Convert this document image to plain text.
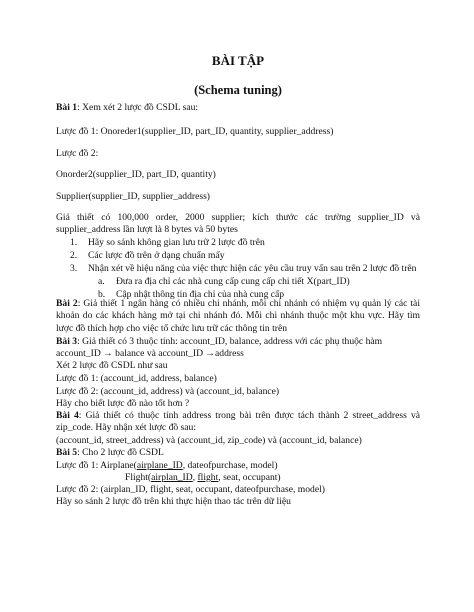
BÀI TẬP
(Schema tuning)
Bài 1: Xem xét 2 lược đồ CSDL sau:
Lược đồ 1: Onoreder1(supplier_ID, part_ID, quantity, supplier_address)
Lược đồ 2:
Onorder2(supplier_ID, part_ID, quantity)
Supplier(supplier_ID, supplier_address)
Giả thiết có 100,000 order, 2000 supplier; kích thước các trường supplier_ID và supplier_address lần lượt là 8 bytes và 50 bytes
1. Hãy so sánh không gian lưu trữ 2 lược đồ trên
2. Các lược đồ trên ở dạng chuẩn mấy
3. Nhận xét về hiệu năng của việc thực hiện các yêu cầu truy vấn sau trên 2 lược đồ trên
a. Đưa ra địa chỉ các nhà cung cấp cung cấp chi tiết X(part_ID)
b. Cập nhật thông tin địa chỉ của nhà cung cấp
Bài 2: Giả thiết 1 ngân hàng có nhiều chi nhánh, mỗi chi nhánh có nhiệm vụ quản lý các tài khoản do các khách hàng mở tại chi nhánh đó. Mỗi chi nhánh thuộc một khu vực. Hãy tìm lược đồ thích hợp cho việc tổ chức lưu trữ các thông tin trên
Bài 3: Giả thiết có 3 thuộc tính: account_ID, balance, address với các phụ thuộc hàm
account_ID → balance và account_ID →address
Xét 2 lược đồ CSDL như sau
Lược đồ 1: (account_id, address, balance)
Lược đồ 2: (account_id, address) và (account_id, balance)
Hãy cho biết lược đồ nào tốt hơn ?
Bài 4: Giả thiết có thuộc tính address trong bài trên được tách thành 2 street_address và zip_code. Hãy nhận xét lược đồ sau:
(account_id, street_address) và (account_id, zip_code) và (account_id, balance)
Bài 5: Cho 2 lược đồ CSDL
Lược đồ 1: Airplane(airplane_ID, dateofpurchase, model)
Flight(airplan_ID, flight, seat, occupant)
Lược đồ 2: (airplan_ID, flight, seat, occupant, dateofpurchase, model)
Hãy so sánh 2 lược đồ trên khi thực hiện thao tác trên dữ liệu
